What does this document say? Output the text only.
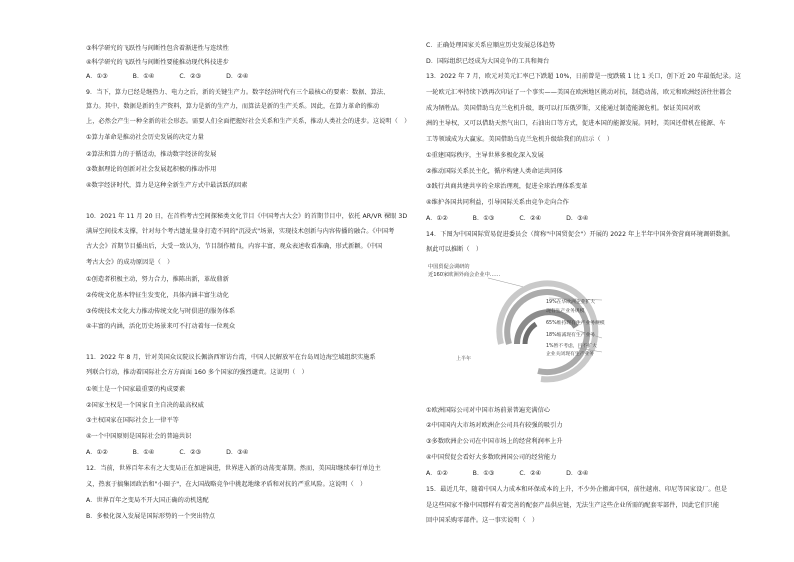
③科学研究的飞跃性与间断性包含着渐进性与连续性
④科学研究的飞跃性与间断性要能推动现代科技进步
A．①③　　　　B．①④　　　　C．②③　　　　D．②④
9．当下，算力已经是继热力、电力之后，新的关键生产力。数字经济时代有三个最核心的要素：数据、算法、
算力。其中，数据是新的生产资料，算力是新的生产力，而算法是新的生产关系。因此，在算力革命的推动
上，必然会产生一种全新的社会形态。需要人们全面把握好社会关系和生产关系，推动人类社会的进步。这说明（　）
①算力革命是推动社会历史发展的决定力量
②算法和算力的于循适动，推动数字经济的发展
③数据理论的创新对社会发展起积极的推动作用
④数字经济时代，算力是这种全新生产方式中最活跃的因素
10．2021 年 11 月 20 日，在首档考古空间探秘类文化节目《中国考古大会》的首期节目中，依托 AR/VR 裸眼 3D
满屏空间技术支撑，针对每个考古遗址量身打造不同的"沉浸式"场景，实现技术创新与内容传播的融合。《中国考
古大会》首期节目播出后，大受一致认为，节目制作精良，内容丰富，观众表述收看准确，形式新颖。《中国
考古大会》的成功原因是（　）
①创造者积极主动，努力合力，推陈出新，革故鼎新
②传统文化基本特征生发变化，具体内涵丰富生动化
③传统技术文化大力推动传统文化与时俱进的服务体系
④丰富的内涵，活化历史场景来可不打动着每一位观众
11．2022 年 8 月，针对美国众议院议长佩洛西窜访台湾，中国人民解放军在台岛周边海空域组织实施系
列联合行动，推动着国际社会方方面面 160 多个国家的强烈谴责。这说明（　）
①领土是一个国家最重要的构成要素
②国家主权是一个国家自主自决的最高权威
③主权国家在国际社会上一律平等
④一个中国原则是国际社会的普遍共识
A．①②　　　　B．①④　　　　C．②③　　　　D．③④
12．当前，世界百年未有之大变局正在加速演进，世界进入新的动荡变革期。然而，美国却继续奉行单边主
义，热衷于搞集团政治和"小圈子"，在大国战略竞争中挑起地缘矛盾和对抗的严重风险。这说明（　）
A．世界百年之变局不开大国正确的动机选配
B．多极化深入发展是国际形势的一个突出特点
C．正确处理国家关系应顺应历史发展总体趋势
D．国际组织已经成为大国竞争的工具和舞台
13．2022 年 7 月，欧元对美元汇率已下跌超 10%，日前曾是一度跌破 1 比 1 关口，创下近 20 年最低纪录。这
一轮欧元汇率持续下跌再次印证了一个事实——美国在欧洲地区挑动对抗，制造动荡，欧元和欧洲经济往往都会
成为牺牲品。美国借助乌克兰危机升级，既可以打压俄罗斯，又能通过制造能源危机。保证美国对欧
洲的主导权，又可以借助天然气出口，石油出口等方式，促进本国的能源发展。同时，美国还借机在能源、车
工等领域成为大赢家。美国借助乌克兰危机升级给我们的启示（　）
①重建国际秩序，主导世界多极化深入发展
②推动国际关系民主化，循序构建人类命运共同体
③践行共商共建共享的全球治理观，促进全球治理体系变革
④维护各国共同利益，引导国际关系由竞争走向合作
A．①②　　　　B．①③　　　　C．②④　　　　D．③④
14．下图为中国国际贸易促进委员会（简称"中国贸促会"）开展的 2022 年上半年中国外资营商环境调研数据。
据此可以推断（　）
中国贸促会调研的
近160家欧洲外商会企业中……
上半年
19%在华欧洲企业扩大
现有生产业务规模
65%维持现有生产业务规模
18%缩减现有生产业务
1%暂不考虑，目不扩大
企业关闭现有生产业务
①欧洲国际公司对中国市场前景普遍充满信心
②中国国内大市场对欧洲企公司具有较强的吸引力
③多数欧洲企公司在中国市场上的经营利润率上升
④中国贸促会看好大多数欧洲国公司的经营能力
A．①②　　　　B．①③　　　　C．②④　　　　D．③④
15．最近几年，随着中国人力成本和环保成本的上升，不少外企搬离中国，前往越南、印尼等国家设厂。但是
是这些国家不像中国那样有着完善的配套产品供应链，无法生产这些企业所需的配套零部件，因此它们只能
回中国采购零部件。这一事实说明（　）
